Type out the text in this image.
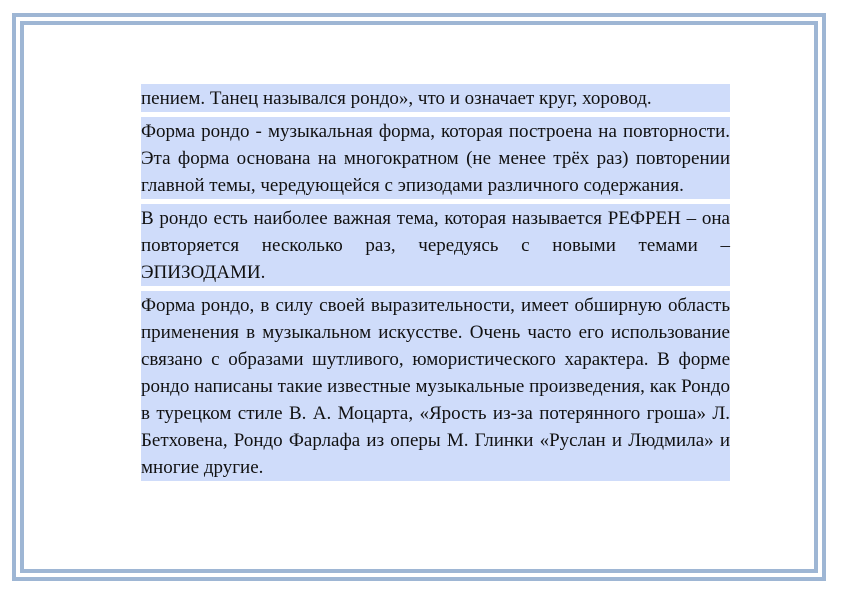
пением. Танец назывался рондо», что и означает круг, хоровод.

Форма рондо - музыкальная форма, которая построена на повторности. Эта форма основана на многократном (не менее трёх раз) повторении главной темы, чередующейся с эпизодами различного содержания.

В рондо есть наиболее важная тема, которая называется РЕФРЕН – она повторяется несколько раз, чередуясь с новыми темами – ЭПИЗОДАМИ.

Форма рондо, в силу своей выразительности, имеет обширную область применения в музыкальном искусстве. Очень часто его использование связано с образами шутливого, юмористического характера. В форме рондо написаны такие известные музыкальные произведения, как Рондо в турецком стиле В. А. Моцарта, «Ярость из-за потерянного гроша» Л. Бетховена, Рондо Фарлафа из оперы М. Глинки «Руслан и Людмила» и многие другие.
